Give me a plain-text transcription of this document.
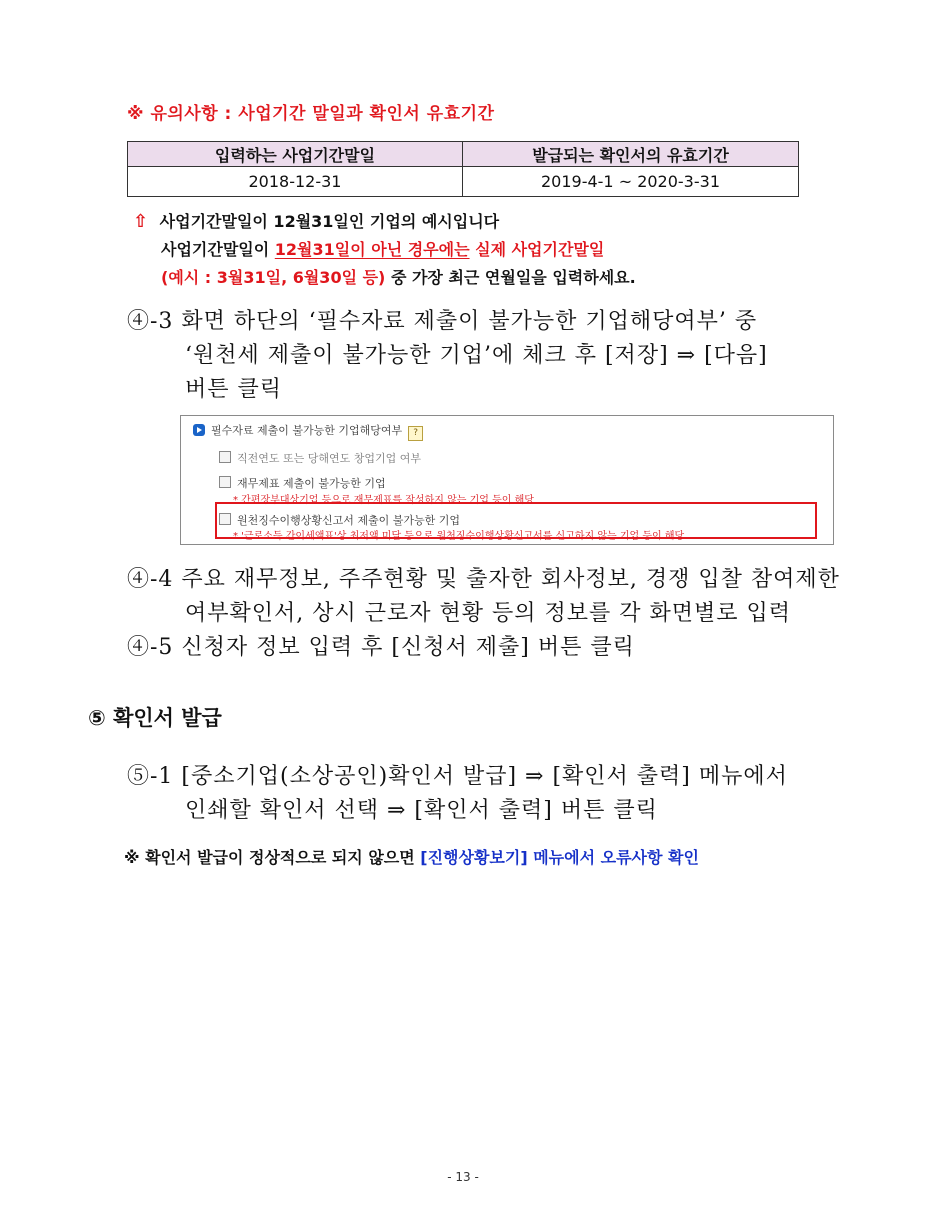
※ 유의사항 : 사업기간 말일과 확인서 유효기간
입력하는 사업기간말일	발급되는 확인서의 유효기간
2018-12-31	2019-4-1 ~ 2020-3-31
⇧ 사업기간말일이 12월31일인 기업의 예시입니다
사업기간말일이 12월31일이 아닌 경우에는 실제 사업기간말일
(예시 : 3월31일, 6월30일 등) 중 가장 최근 연월일을 입력하세요.
④-3 화면 하단의 ‘필수자료 제출이 불가능한 기업해당여부’ 중
‘원천세 제출이 불가능한 기업’에 체크 후 [저장] ⇒ [다음]
버튼 클릭
필수자료 제출이 불가능한 기업해당여부 ?
직전연도 또는 당해연도 창업기업 여부
재무제표 제출이 불가능한 기업
* 간편장부대상기업 등으로 재무제표를 작성하지 않는 기업 등이 해당
원천징수이행상황신고서 제출이 불가능한 기업
* '근로소득 간이세액표'상 최저액 미달 등으로 원천징수이행상황신고서를 신고하지 않는 기업 등이 해당
④-4 주요 재무정보, 주주현황 및 출자한 회사정보, 경쟁 입찰 참여제한
여부확인서, 상시 근로자 현황 등의 정보를 각 화면별로 입력
④-5 신청자 정보 입력 후 [신청서 제출] 버튼 클릭
⑤ 확인서 발급
⑤-1 [중소기업(소상공인)확인서 발급] ⇒ [확인서 출력] 메뉴에서
인쇄할 확인서 선택 ⇒ [확인서 출력] 버튼 클릭
※ 확인서 발급이 정상적으로 되지 않으면 [진행상황보기] 메뉴에서 오류사항 확인
- 13 -
